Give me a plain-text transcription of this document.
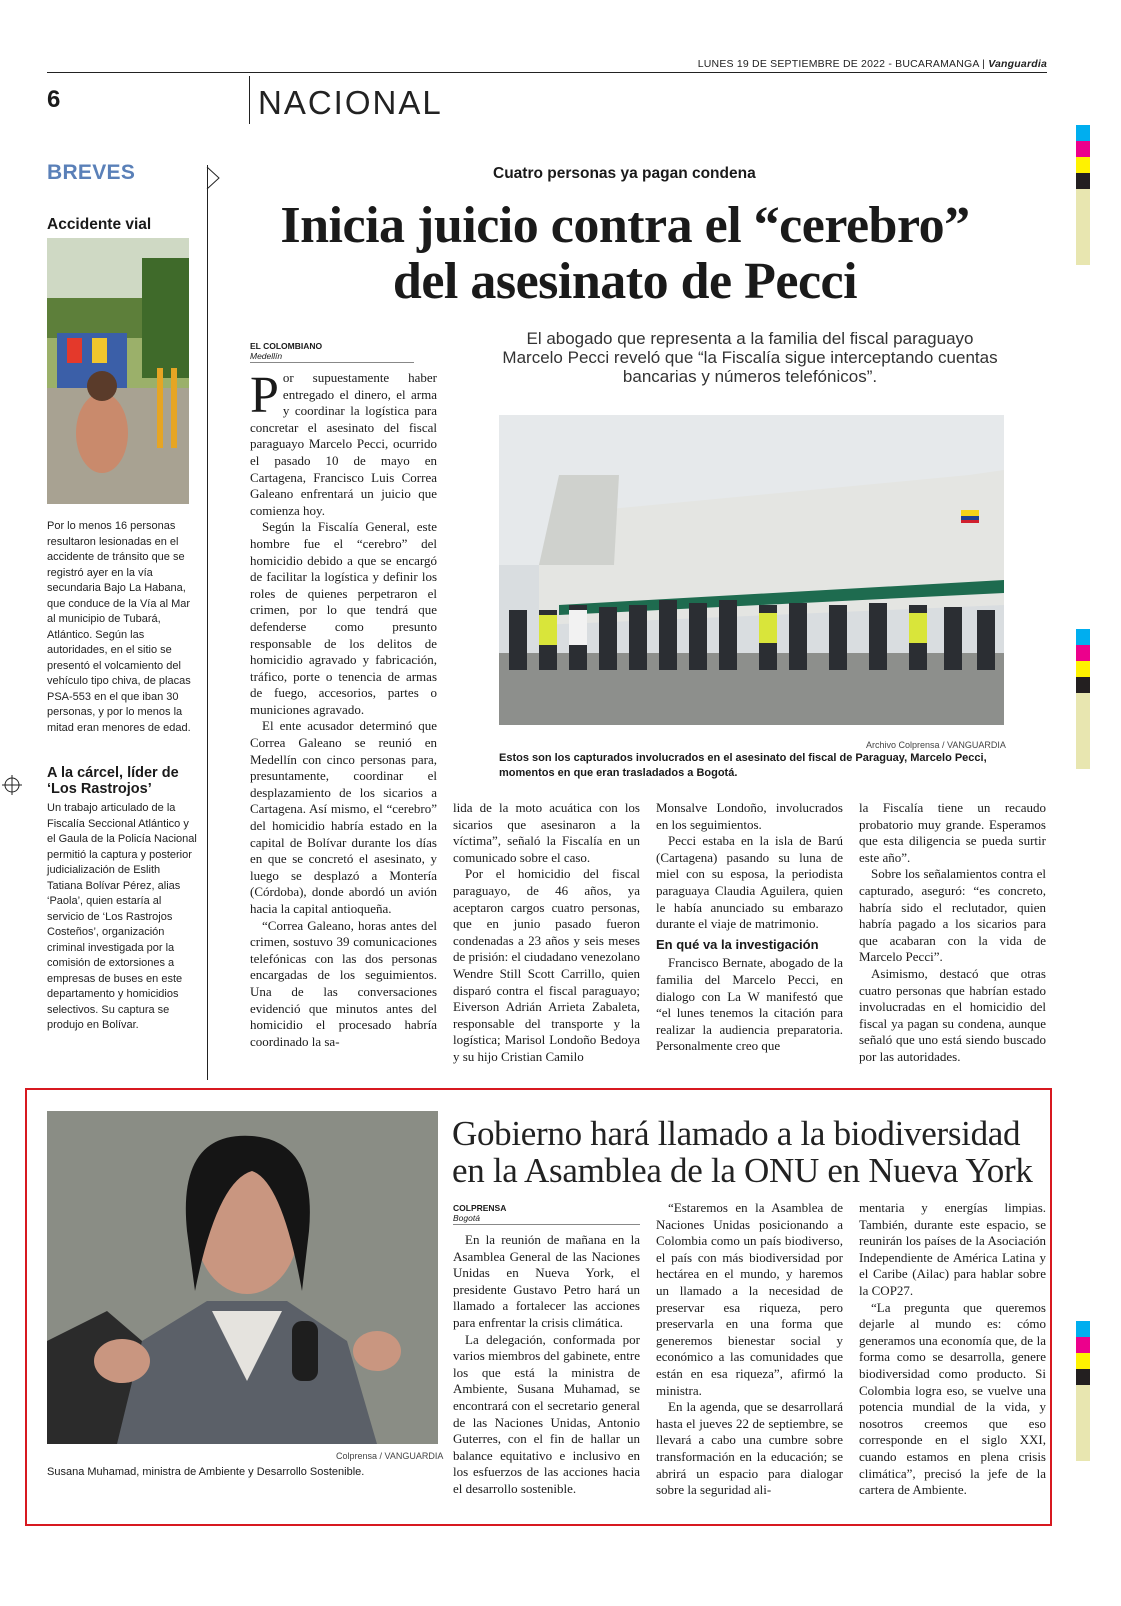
LUNES 19 DE SEPTIEMBRE DE 2022 - BUCARAMANGA | Vanguardia
6	NACIONAL
BREVES
Accidente vial
Por lo menos 16 personas resultaron lesionadas en el accidente de tránsito que se registró ayer en la vía secundaria Bajo La Habana, que conduce de la Vía al Mar al municipio de Tubará, Atlántico. Según las autoridades, en el sitio se presentó el volcamiento del vehículo tipo chiva, de placas PSA-553 en el que iban 30 personas, y por lo menos la mitad eran menores de edad.
A la cárcel, líder de ‘Los Rastrojos’
Un trabajo articulado de la Fiscalía Seccional Atlántico y el Gaula de la Policía Nacional permitió la captura y posterior judicialización de Eslith Tatiana Bolívar Pérez, alias ‘Paola’, quien estaría al servicio de ‘Los Rastrojos Costeños’, organización criminal investigada por la comisión de extorsiones a empresas de buses en este departamento y homicidios selectivos. Su captura se produjo en Bolívar.
Cuatro personas ya pagan condena
Inicia juicio contra el “cerebro”
del asesinato de Pecci
EL COLOMBIANO
Medellín
El abogado que representa a la familia del fiscal paraguayo Marcelo Pecci reveló que “la Fiscalía sigue interceptando cuentas bancarias y números telefónicos”.
Archivo Colprensa / VANGUARDIA
Estos son los capturados involucrados en el asesinato del fiscal de Paraguay, Marcelo Pecci, momentos en que eran trasladados a Bogotá.

Por supuestamente haber entregado el dinero, el arma y coordinar la logística para concretar el asesinato del fiscal paraguayo Marcelo Pecci, ocurrido el pasado 10 de mayo en Cartagena, Francisco Luis Correa Galeano enfrentará un juicio que comienza hoy.

Según la Fiscalía General, este hombre fue el “cerebro” del homicidio debido a que se encargó de facilitar la logística y definir los roles de quienes perpetraron el crimen, por lo que tendrá que defenderse como presunto responsable de los delitos de homicidio agravado y fabricación, tráfico, porte o tenencia de armas de fuego, accesorios, partes o municiones agravado.

El ente acusador determinó que Correa Galeano se reunió en Medellín con cinco personas para, presuntamente, coordinar el desplazamiento de los sicarios a Cartagena. Así mismo, el “cerebro” del homicidio habría estado en la capital de Bolívar durante los días en que se concretó el asesinato, y luego se desplazó a Montería (Córdoba), donde abordó un avión hacia la capital antioqueña.

“Correa Galeano, horas antes del crimen, sostuvo 39 comunicaciones telefónicas con las dos personas encargadas de los seguimientos. Una de las conversaciones evidenció que minutos antes del homicidio el procesado habría coordinado la sa-

lida de la moto acuática con los sicarios que asesinaron a la víctima”, señaló la Fiscalía en un comunicado sobre el caso.

Por el homicidio del fiscal paraguayo, de 46 años, ya aceptaron cargos cuatro personas, que en junio pasado fueron condenadas a 23 años y seis meses de prisión: el ciudadano venezolano Wendre Still Scott Carrillo, quien disparó contra el fiscal paraguayo; Eiverson Adrián Arrieta Zabaleta, responsable del transporte y la logística; Marisol Londoño Bedoya y su hijo Cristian Camilo

Monsalve Londoño, involucrados en los seguimientos.

Pecci estaba en la isla de Barú (Cartagena) pasando su luna de miel con su esposa, la periodista paraguaya Claudia Aguilera, quien le había anunciado su embarazo durante el viaje de matrimonio.

En qué va la investigación

Francisco Bernate, abogado de la familia del Marcelo Pecci, en dialogo con La W manifestó que “el lunes tenemos la citación para realizar la audiencia preparatoria. Personalmente creo que

la Fiscalía tiene un recaudo probatorio muy grande. Esperamos que esta diligencia se pueda surtir este año”.

Sobre los señalamientos contra el capturado, aseguró: “es concreto, habría sido el reclutador, quien habría pagado a los sicarios para que acabaran con la vida de Marcelo Pecci”.

Asimismo, destacó que otras cuatro personas que habrían estado involucradas en el homicidio del fiscal ya pagan su condena, aunque señaló que uno está siendo buscado por las autoridades.

Colprensa / VANGUARDIA
Susana Muhamad, ministra de Ambiente y Desarrollo Sostenible.
Gobierno hará llamado a la biodiversidad
en la Asamblea de la ONU en Nueva York
COLPRENSA
Bogotá

En la reunión de mañana en la Asamblea General de las Naciones Unidas en Nueva York, el presidente Gustavo Petro hará un llamado a fortalecer las acciones para enfrentar la crisis climática.

La delegación, conformada por varios miembros del gabinete, entre los que está la ministra de Ambiente, Susana Muhamad, se encontrará con el secretario general de las Naciones Unidas, Antonio Guterres, con el fin de hallar un balance equitativo e inclusivo en los esfuerzos de las acciones hacia el desarrollo sostenible.

“Estaremos en la Asamblea de Naciones Unidas posicionando a Colombia como un país biodiverso, el país con más biodiversidad por hectárea en el mundo, y haremos un llamado a la necesidad de preservar esa riqueza, pero preservarla en una forma que generemos bienestar social y económico a las comunidades que están en esa riqueza”, afirmó la ministra.

En la agenda, que se desarrollará hasta el jueves 22 de septiembre, se llevará a cabo una cumbre sobre transformación en la educación; se abrirá un espacio para dialogar sobre la seguridad ali-

mentaria y energías limpias. También, durante este espacio, se reunirán los países de la Asociación Independiente de América Latina y el Caribe (Ailac) para hablar sobre la COP27.

“La pregunta que queremos dejarle al mundo es: cómo generamos una economía que, de la forma como se desarrolla, genere biodiversidad como producto. Si Colombia logra eso, se vuelve una potencia mundial de la vida, y nosotros creemos que eso corresponde en el siglo XXI, cuando estamos en plena crisis climática”, precisó la jefe de la cartera de Ambiente.
